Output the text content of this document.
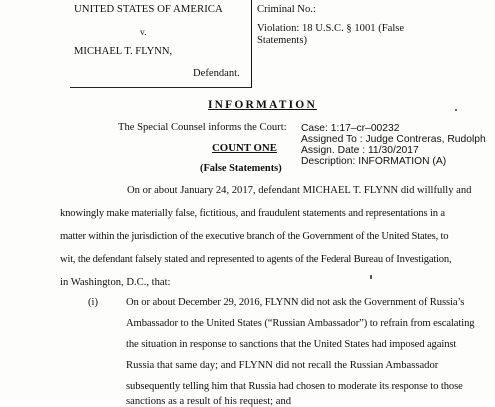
UNITED STATES OF AMERICA
v.
MICHAEL T. FLYNN,
Defendant.
Criminal No.:
Violation: 18 U.S.C. § 1001 (False
Statements)
INFORMATION
The Special Counsel informs the Court:
COUNT ONE
(False Statements)
Case: 1:17–cr–00232
Assigned To : Judge Contreras, Rudolph
Assign. Date : 11/30/2017
Description: INFORMATION (A)
On or about January 24, 2017, defendant MICHAEL T. FLYNN did willfully and
knowingly make materially false, fictitious, and fraudulent statements and representations in a
matter within the jurisdiction of the executive branch of the Government of the United States, to
wit, the defendant falsely stated and represented to agents of the Federal Bureau of Investigation,
in Washington, D.C., that:
(i)	On or about December 29, 2016, FLYNN did not ask the Government of Russia’s
Ambassador to the United States (“Russian Ambassador”) to refrain from escalating
the situation in response to sanctions that the United States had imposed against
Russia that same day; and FLYNN did not recall the Russian Ambassador
subsequently telling him that Russia had chosen to moderate its response to those
sanctions as a result of his request; and
